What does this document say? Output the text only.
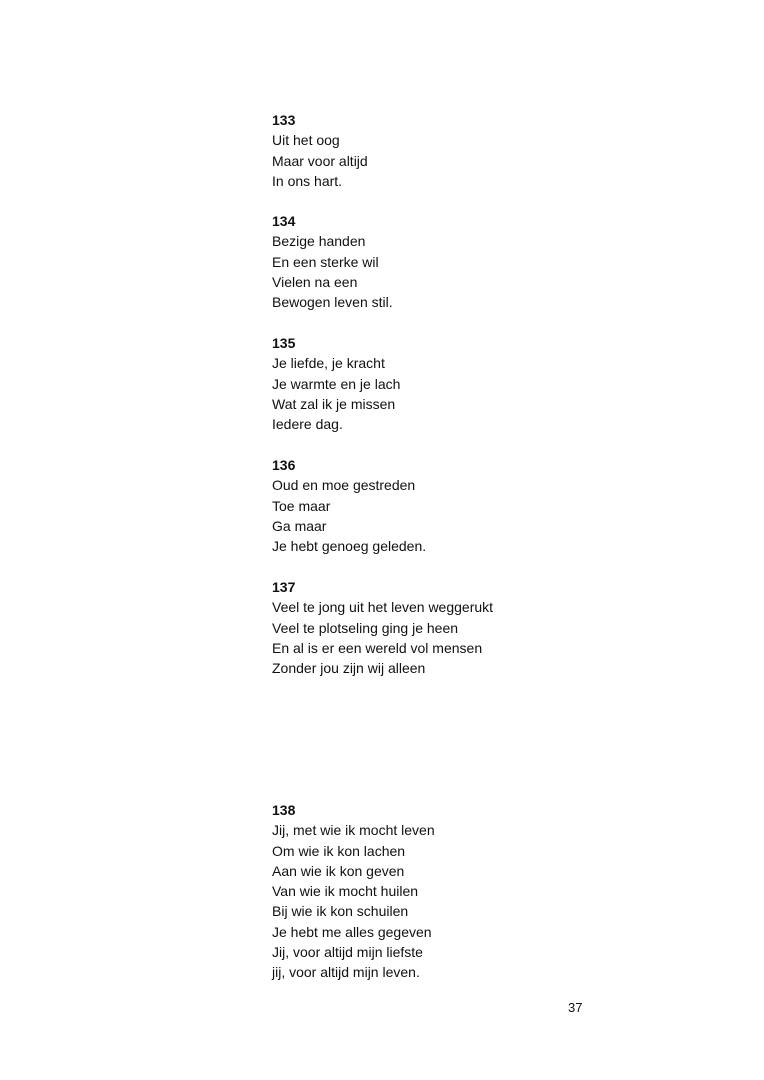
133
Uit het oog
Maar voor altijd
In ons hart.
134
Bezige handen
En een sterke wil
Vielen na een
Bewogen leven stil.
135
Je liefde, je kracht
Je warmte en je lach
Wat zal ik je missen
Iedere dag.
136
Oud en moe gestreden
Toe maar
Ga maar
Je hebt genoeg geleden.
137
Veel te jong uit het leven weggerukt
Veel te plotseling ging je heen
En al is er een wereld vol mensen
Zonder jou zijn wij alleen
138
Jij, met wie ik mocht leven
Om wie ik kon lachen
Aan wie ik kon geven
Van wie ik mocht huilen
Bij wie ik kon schuilen
Je hebt me alles gegeven
Jij, voor altijd mijn liefste
jij, voor altijd mijn leven.
37
